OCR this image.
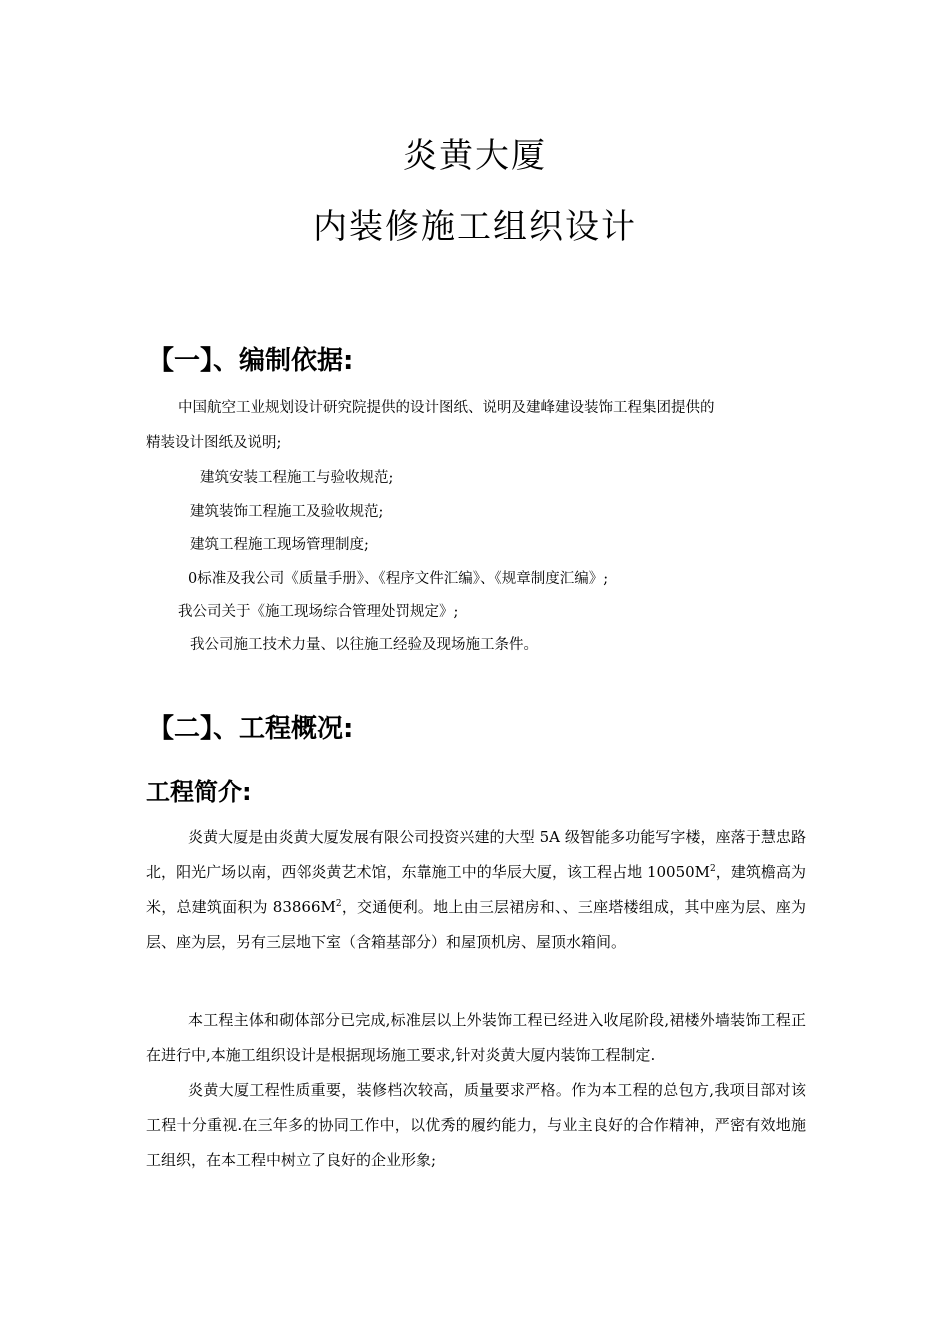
炎黄大厦
内装修施工组织设计
【一】、编制依据:

中国航空工业规划设计研究院提供的设计图纸、说明及建峰建设装饰工程集团提供的

精装设计图纸及说明;

建筑安装工程施工与验收规范;

建筑装饰工程施工及验收规范;

建筑工程施工现场管理制度;

0标准及我公司《质量手册》、《程序文件汇编》、《规章制度汇编》;

我公司关于《施工现场综合管理处罚规定》;

我公司施工技术力量、以往施工经验及现场施工条件。

【二】、工程概况:
工程简介:

炎黄大厦是由炎黄大厦发展有限公司投资兴建的大型 5A 级智能多功能写字楼，座落于慧忠路北，阳光广场以南，西邻炎黄艺术馆，东靠施工中的华辰大厦，该工程占地 $10050M^2$，建筑檐高为米，总建筑面积为 $83866M^2$，交通便利。地上由三层裙房和、、三座塔楼组成，其中座为层、座为层、座为层，另有三层地下室（含箱基部分）和屋顶机房、屋顶水箱间。

本工程主体和砌体部分已完成,标准层以上外装饰工程已经进入收尾阶段,裙楼外墙装饰工程正在进行中,本施工组织设计是根据现场施工要求,针对炎黄大厦内装饰工程制定.

炎黄大厦工程性质重要，装修档次较高，质量要求严格。作为本工程的总包方,我项目部对该工程十分重视.在三年多的协同工作中，以优秀的履约能力，与业主良好的合作精神，严密有效地施工组织，在本工程中树立了良好的企业形象;
